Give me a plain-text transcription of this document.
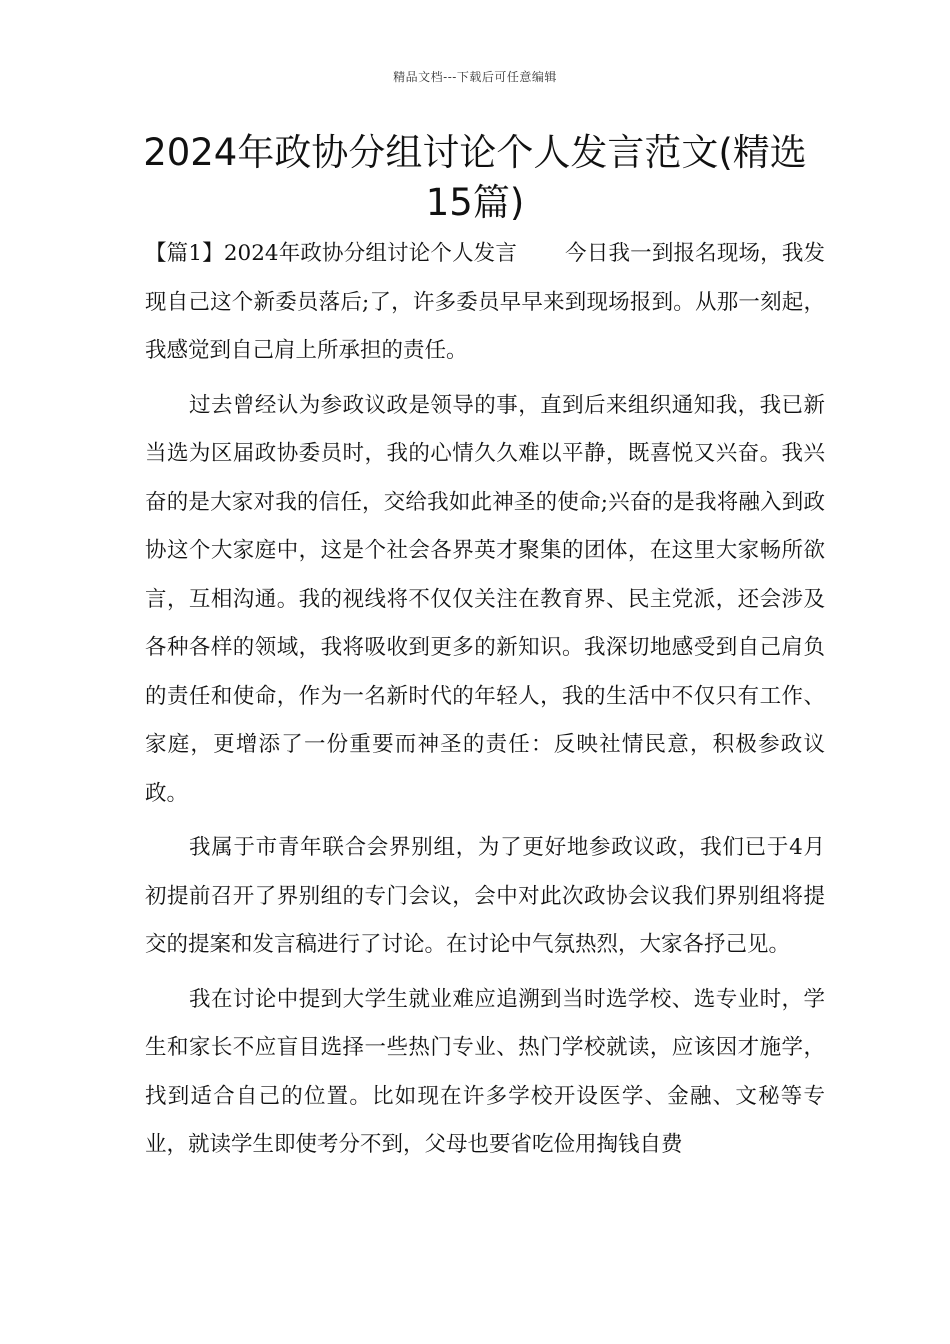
精品文档---下载后可任意编辑
2024年政协分组讨论个人发言范文(精选15篇)

【篇1】2024年政协分组讨论个人发言 今日我一到报名现场，我发现自己这个新委员落后;了，许多委员早早来到现场报到。从那一刻起，我感觉到自己肩上所承担的责任。

过去曾经认为参政议政是领导的事，直到后来组织通知我，我已新当选为区届政协委员时，我的心情久久难以平静，既喜悦又兴奋。我兴奋的是大家对我的信任，交给我如此神圣的使命;兴奋的是我将融入到政协这个大家庭中，这是个社会各界英才聚集的团体，在这里大家畅所欲言，互相沟通。我的视线将不仅仅关注在教育界、民主党派，还会涉及各种各样的领域，我将吸收到更多的新知识。我深切地感受到自己肩负的责任和使命，作为一名新时代的年轻人，我的生活中不仅只有工作、家庭，更增添了一份重要而神圣的责任：反映社情民意，积极参政议政。

我属于市青年联合会界别组，为了更好地参政议政，我们已于4月初提前召开了界别组的专门会议，会中对此次政协会议我们界别组将提交的提案和发言稿进行了讨论。在讨论中气氛热烈，大家各抒己见。

我在讨论中提到大学生就业难应追溯到当时选学校、选专业时，学生和家长不应盲目选择一些热门专业、热门学校就读，应该因才施学，找到适合自己的位置。比如现在许多学校开设医学、金融、文秘等专业，就读学生即使考分不到，父母也要省吃俭用掏钱自费
